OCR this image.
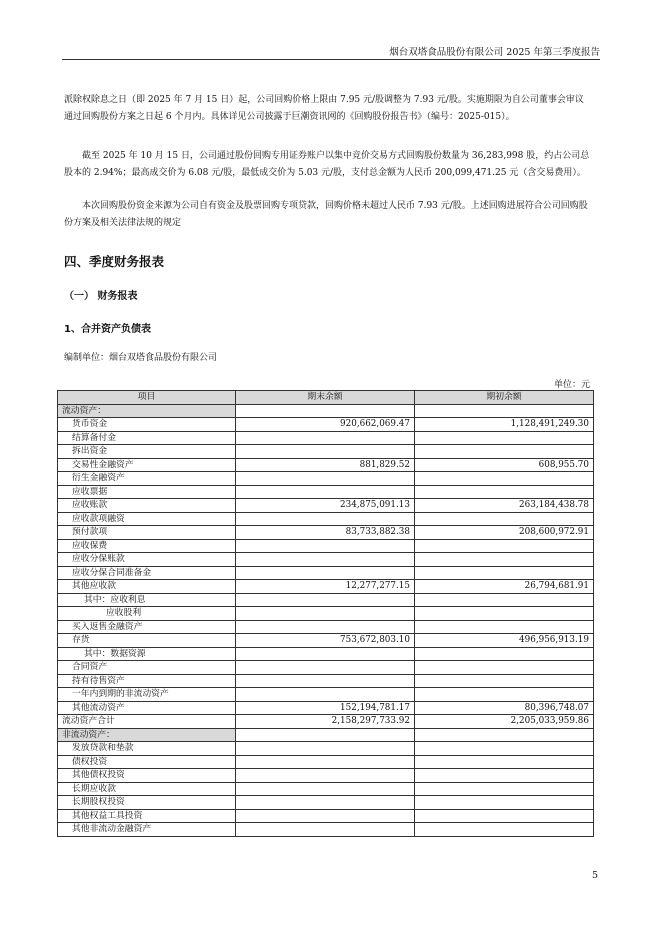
烟台双塔食品股份有限公司 2025 年第三季度报告
派除权除息之日（即 2025 年 7 月 15 日）起，公司回购价格上限由 7.95 元/股调整为 7.93 元/股。实施期限为自公司董事会审议通过回购股份方案之日起 6 个月内。具体详见公司披露于巨潮资讯网的《回购股份报告书》（编号：2025-015）。
截至 2025 年 10 月 15 日，公司通过股份回购专用证券账户以集中竞价交易方式回购股份数量为 36,283,998 股，约占公司总股本的 2.94%；最高成交价为 6.08 元/股，最低成交价为 5.03 元/股，支付总金额为人民币 200,099,471.25 元（含交易费用）。
本次回购股份资金来源为公司自有资金及股票回购专项贷款，回购价格未超过人民币 7.93 元/股。上述回购进展符合公司回购股份方案及相关法律法规的规定
四、季度财务报表
（一） 财务报表
1、合并资产负债表
编制单位：烟台双塔食品股份有限公司
单位：元
项目	期末余额	期初余额
流动资产：		
货币资金	920,662,069.47	1,128,491,249.30
结算备付金		
拆出资金		
交易性金融资产	881,829.52	608,955.70
衍生金融资产		
应收票据		
应收账款	234,875,091.13	263,184,438.78
应收款项融资		
预付款项	83,733,882.38	208,600,972.91
应收保费		
应收分保账款		
应收分保合同准备金		
其他应收款	12,277,277.15	26,794,681.91
其中：应收利息		
应收股利		
买入返售金融资产		
存货	753,672,803.10	496,956,913.19
其中：数据资源		
合同资产		
持有待售资产		
一年内到期的非流动资产		
其他流动资产	152,194,781.17	80,396,748.07
流动资产合计	2,158,297,733.92	2,205,033,959.86
非流动资产：		
发放贷款和垫款		
债权投资		
其他债权投资		
长期应收款		
长期股权投资		
其他权益工具投资		
其他非流动金融资产		
5
